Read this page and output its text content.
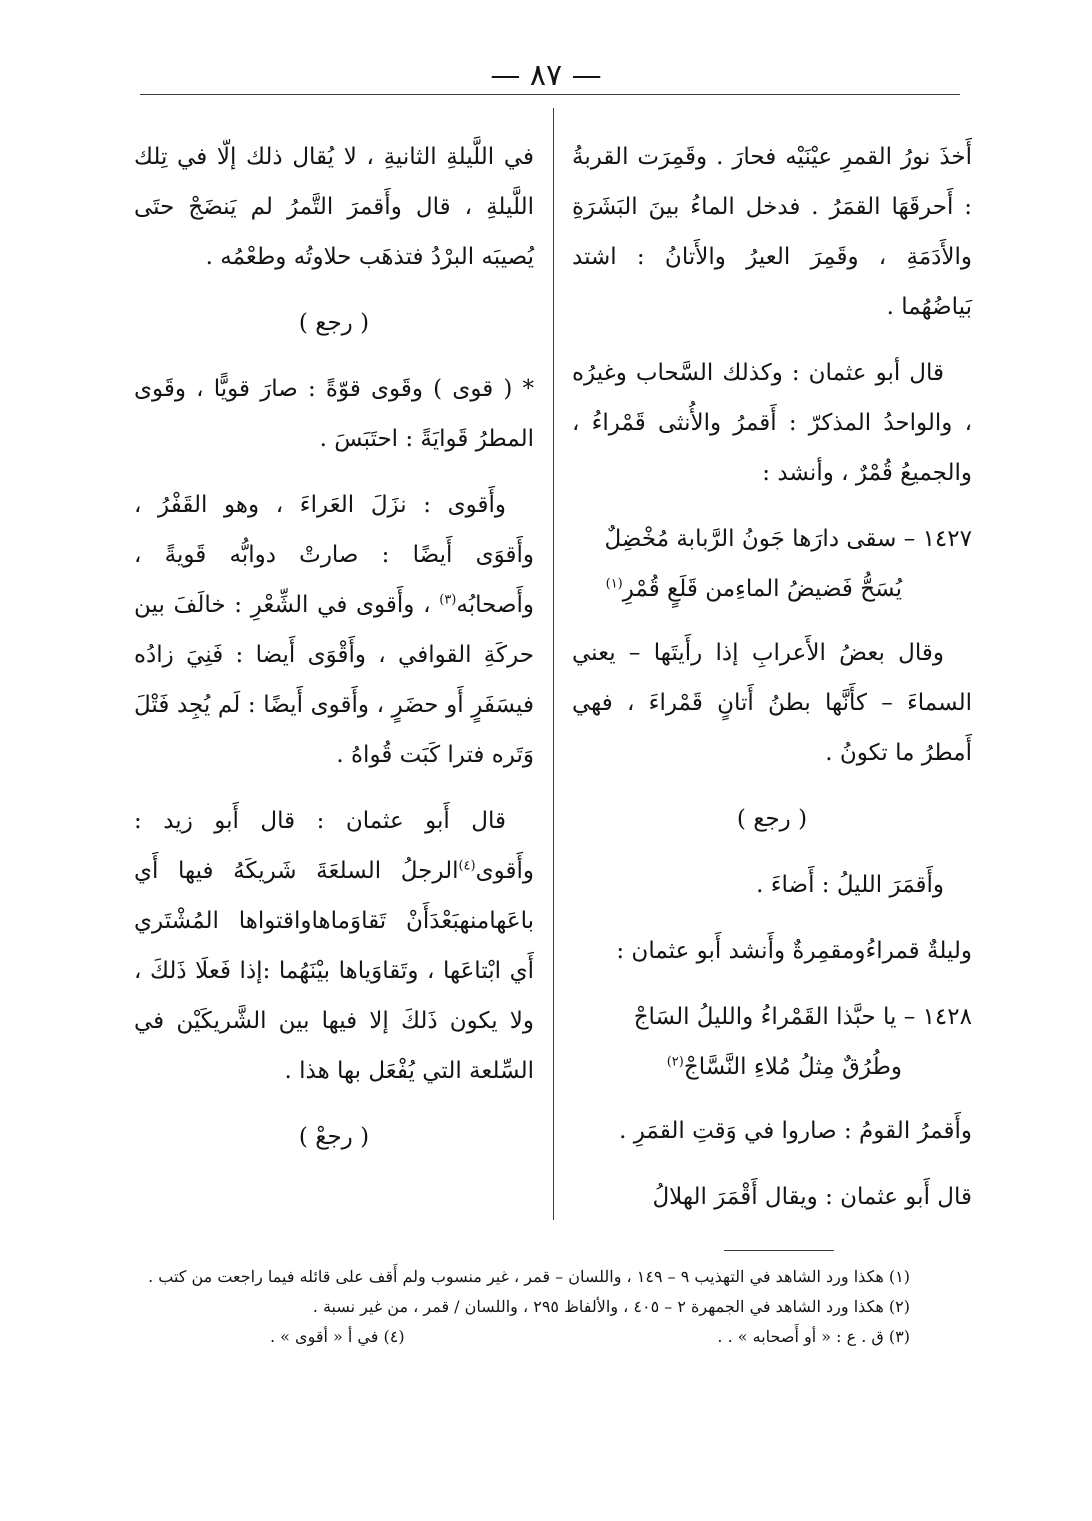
— ٨٧ —

أَخذَ نورُ القمرِ عيْنَيْه فحارَ . وقَمِرَت القربةُ : أَحرقَهَا القمَرُ . فدخل الماءُ بينَ البَشَرَةِ والأَدَمَةِ ، وقَمِرَ العيرُ والأَتانُ : اشتد بَياضُهُما .

قال أبو عثمان : وكذلك السَّحاب وغيرُه ، والواحدُ المذكرّ : أَقمرُ والأُنثى قَمْراءُ ، والجميعُ قُمْرٌ ، وأنشد :

١٤٢٧ – سقى دارَها جَونُ الرَّبابة مُخْضِلٌ
يُسَحُّ فَضيضُ الماءِمن قَلَعٍ قُمْرِ$^{(١)}$

وقال بعضُ الأَعرابِ إذا رأَيتَها – يعني السماءَ – كأَنَّها بطنُ أَتانٍ قَمْراءَ ، فهي أَمطرُ ما تكونُ .

( رجع )

وأَقمَرَ الليلُ : أَضاءَ .

وليلةٌ قمراءُومقمِرةٌ وأَنشد أَبو عثمان :

١٤٢٨ – يا حبَّذا القَمْراءُ والليلُ السَاجْ
وطُرُقٌ مِثلُ مُلاءِ النَّسَّاجْ$^{(٢)}$

وأَقمرُ القومُ : صاروا في وَقتِ القمَرِ .

قال أَبو عثمان : ويقال أَقْمَرَ الهلالُ

في اللَّيلةِ الثانيةِ ، لا يُقال ذلك إلّا في تِلك اللَّيلةِ ، قال وأَقمرَ التَّمرُ لم يَنضَجْ حتَى يُصيبَه البرْدُ فتذهَب حلاوتُه وطعْمُه .

( رجع )

* ( قوى ) وقَوى قوّةً : صارَ قويًّا ، وقَوى المطرُ قَوايَةً : احتَبَسَ .

وأَقوى : نزَلَ العَراءَ ، وهو القَفْرُ ، وأَقوَى أَيضًا : صارتْ دوابُّه قَويةً ، وأَصحابُه$^{(٣)}$ ، وأَقوى في الشِّعْرِ : خالَفَ بين حركَةِ القوافي ، وأَقْوَى أَيضا : فَنِيَ زادُه فيسَفَرٍ أَو حضَرٍ ، وأَقوى أَيضًا : لَم يُجِد فَتْلَ وَتَره فترا كَبَت قُواهُ .

قال أَبو عثمان : قال أَبو زيد : وأَقوى$^{(٤)}$الرجلُ السلعَةَ شَريكَهُ فيها أَي باعَهامنهبَعْدَأَنْ تَقاوَماهاواقتواها المُشْتَري أَي ابْتاعَها ، وتَقاوَياها بيْنَهُما :إذا فَعلَا ذَلكَ ، ولا يكون ذَلكَ إلا فيها بين الشَّريكَيْن في السِّلعة التي يُفْعَل بها هذا .

( رجعْ )

(١) هكذا ورد الشاهد في التهذيب ٩ – ١٤٩ ، واللسان – قمر ، غير منسوب ولم أَقف على قائله فيما راجعت من كتب .

(٢) هكذا ورد الشاهد في الجمهرة ٢ – ٤٠٥ ، والألفاظ ٢٩٥ ، واللسان / قمر ، من غير نسبة .

(٣) ق . ع : « أو أَصحابه » . .
(٤) في أ « أقوى » .
